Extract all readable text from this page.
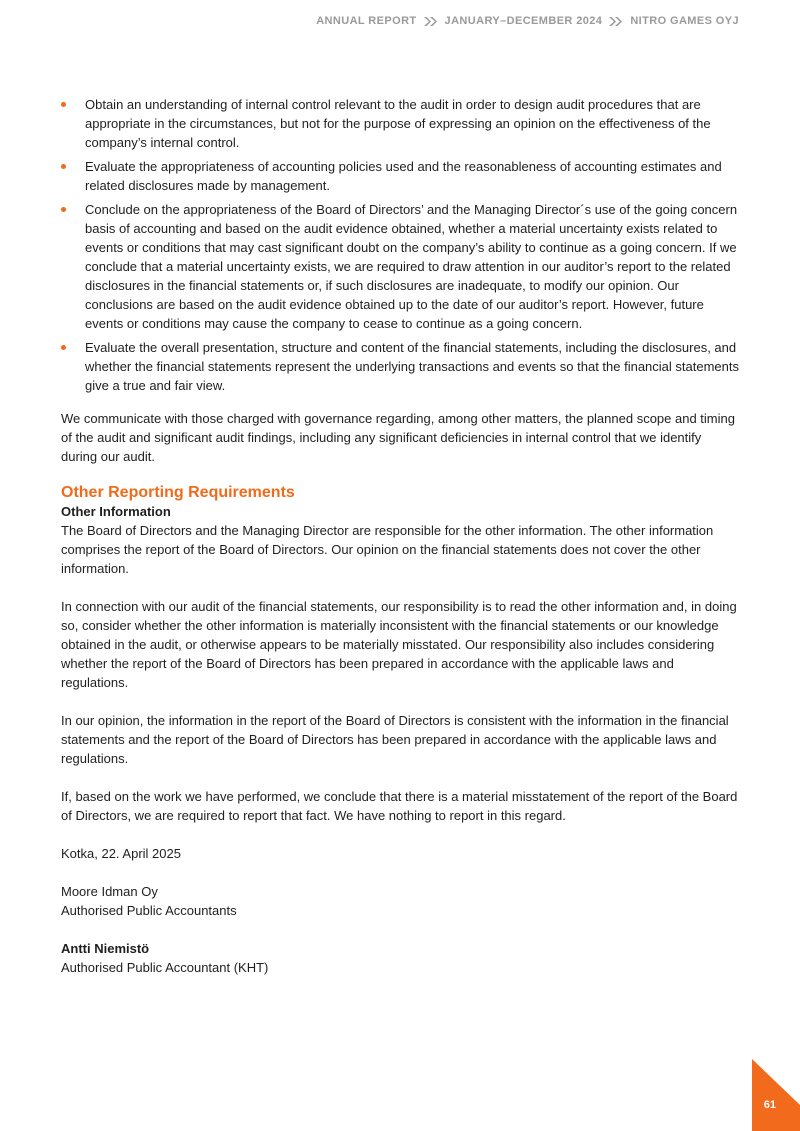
ANNUAL REPORT	JANUARY–DECEMBER 2024	NITRO GAMES OYJ
Obtain an understanding of internal control relevant to the audit in order to design audit procedures that are appropriate in the circumstances, but not for the purpose of expressing an opinion on the effectiveness of the company’s internal control.
Evaluate the appropriateness of accounting policies used and the reasonableness of accounting estimates and related disclosures made by management.
Conclude on the appropriateness of the Board of Directors’ and the Managing Director´s use of the going concern basis of accounting and based on the audit evidence obtained, whether a material uncertainty exists related to events or conditions that may cast significant doubt on the company’s ability to continue as a going concern. If we conclude that a material uncertainty exists, we are required to draw attention in our auditor’s report to the related disclosures in the financial statements or, if such disclosures are inadequate, to modify our opinion. Our conclusions are based on the audit evidence obtained up to the date of our auditor’s report. However, future events or conditions may cause the company to cease to continue as a going concern.
Evaluate the overall presentation, structure and content of the financial statements, including the disclosures, and whether the financial statements represent the underlying transactions and events so that the financial statements give a true and fair view.

We communicate with those charged with governance regarding, among other matters, the planned scope and timing of the audit and significant audit findings, including any significant deficiencies in internal control that we identify during our audit.

Other Reporting Requirements
Other Information

The Board of Directors and the Managing Director are responsible for the other information. The other information comprises the report of the Board of Directors. Our opinion on the financial statements does not cover the other information.

In connection with our audit of the financial statements, our responsibility is to read the other information and, in doing so, consider whether the other information is materially inconsistent with the financial statements or our knowledge obtained in the audit, or otherwise appears to be materially misstated. Our responsibility also includes considering whether the report of the Board of Directors has been prepared in accordance with the applicable laws and regulations.

In our opinion, the information in the report of the Board of Directors is consistent with the information in the financial statements and the report of the Board of Directors has been prepared in accordance with the applicable laws and regulations.

If, based on the work we have performed, we conclude that there is a material misstatement of the report of the Board of Directors, we are required to report that fact. We have nothing to report in this regard.

Kotka, 22. April 2025

Moore Idman Oy

Authorised Public Accountants

Antti Niemistö

Authorised Public Accountant (KHT)

61
